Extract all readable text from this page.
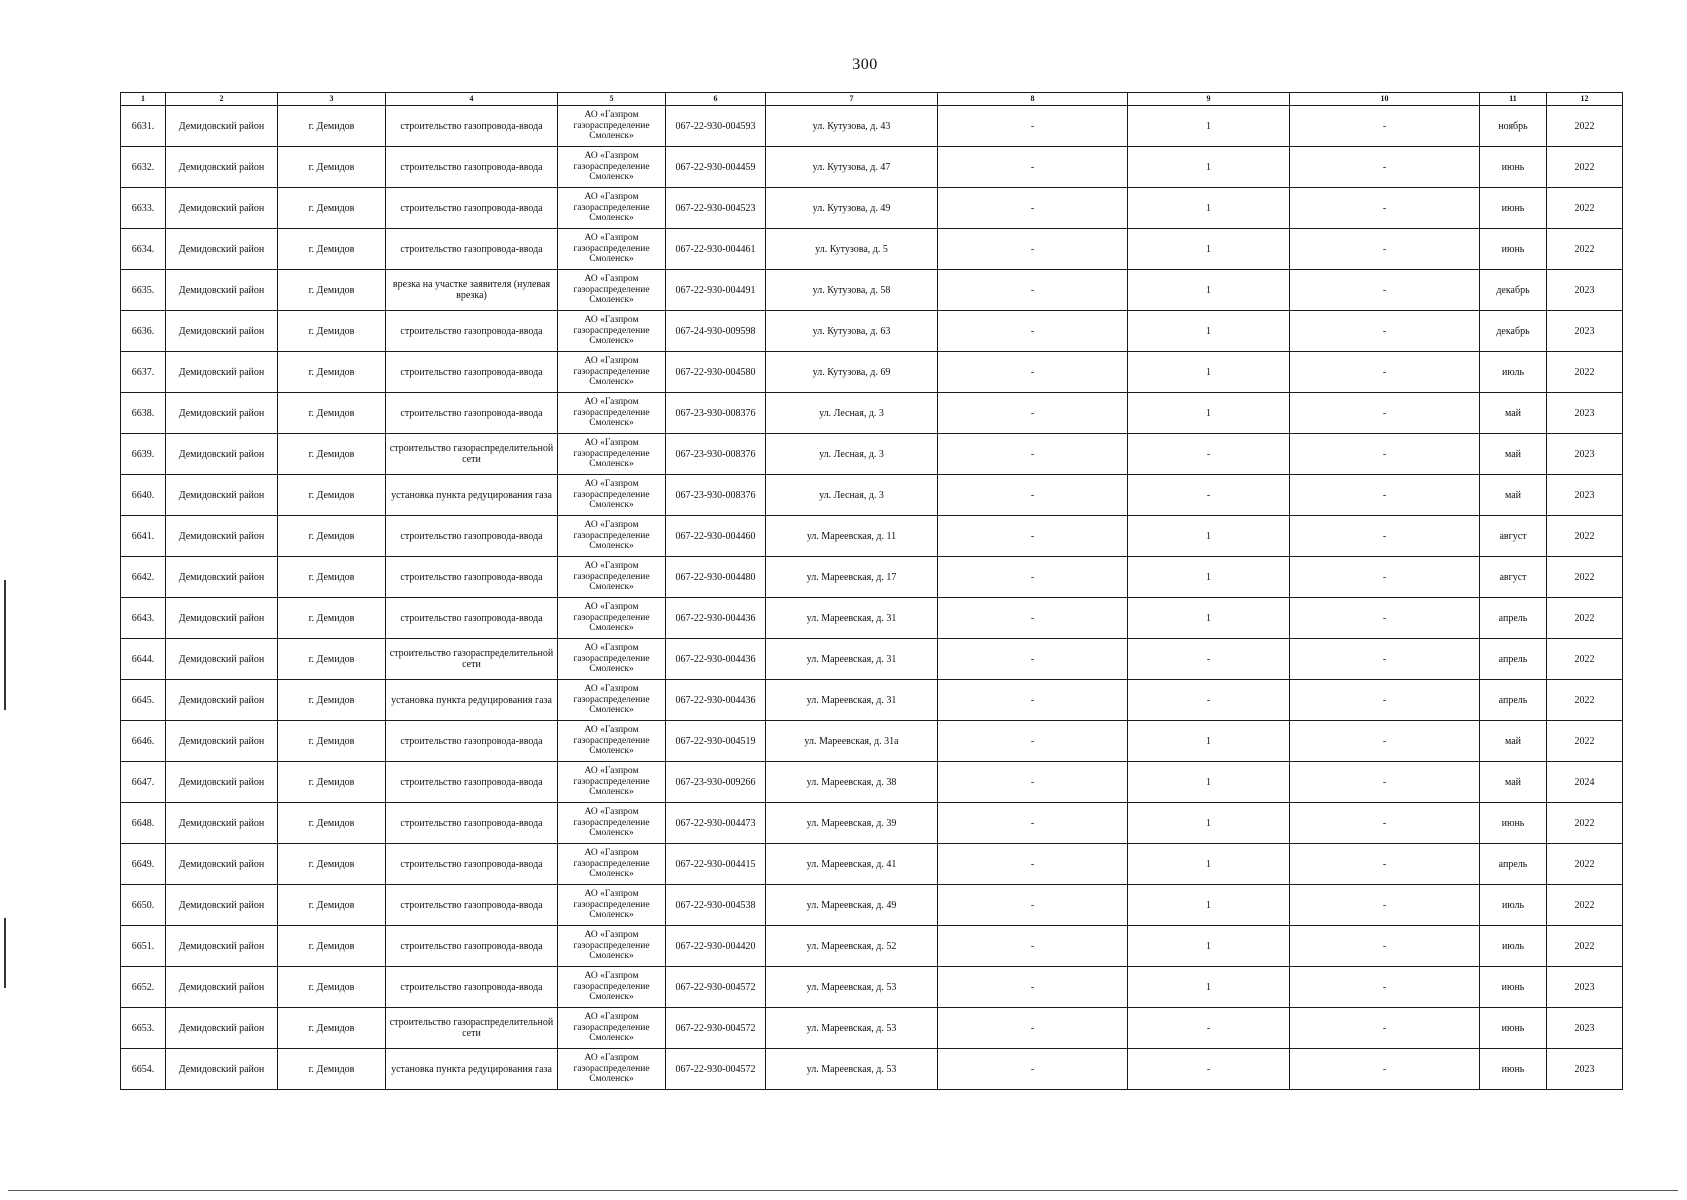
300
1	2	3	4	5	6	7	8	9	10	11	12
6631.	Демидовский район	г. Демидов	строительство газопровода-ввода	АО «Газпром газораспределение Смоленск»	067-22-930-004593	ул. Кутузова, д. 43	-	1	-	ноябрь	2022
6632.	Демидовский район	г. Демидов	строительство газопровода-ввода	АО «Газпром газораспределение Смоленск»	067-22-930-004459	ул. Кутузова, д. 47	-	1	-	июнь	2022
6633.	Демидовский район	г. Демидов	строительство газопровода-ввода	АО «Газпром газораспределение Смоленск»	067-22-930-004523	ул. Кутузова, д. 49	-	1	-	июнь	2022
6634.	Демидовский район	г. Демидов	строительство газопровода-ввода	АО «Газпром газораспределение Смоленск»	067-22-930-004461	ул. Кутузова, д. 5	-	1	-	июнь	2022
6635.	Демидовский район	г. Демидов	врезка на участке заявителя (нулевая врезка)	АО «Газпром газораспределение Смоленск»	067-22-930-004491	ул. Кутузова, д. 58	-	1	-	декабрь	2023
6636.	Демидовский район	г. Демидов	строительство газопровода-ввода	АО «Газпром газораспределение Смоленск»	067-24-930-009598	ул. Кутузова, д. 63	-	1	-	декабрь	2023
6637.	Демидовский район	г. Демидов	строительство газопровода-ввода	АО «Газпром газораспределение Смоленск»	067-22-930-004580	ул. Кутузова, д. 69	-	1	-	июль	2022
6638.	Демидовский район	г. Демидов	строительство газопровода-ввода	АО «Газпром газораспределение Смоленск»	067-23-930-008376	ул. Лесная, д. 3	-	1	-	май	2023
6639.	Демидовский район	г. Демидов	строительство газораспределительной сети	АО «Газпром газораспределение Смоленск»	067-23-930-008376	ул. Лесная, д. 3	-	-	-	май	2023
6640.	Демидовский район	г. Демидов	установка пункта редуцирования газа	АО «Газпром газораспределение Смоленск»	067-23-930-008376	ул. Лесная, д. 3	-	-	-	май	2023
6641.	Демидовский район	г. Демидов	строительство газопровода-ввода	АО «Газпром газораспределение Смоленск»	067-22-930-004460	ул. Мареевская, д. 11	-	1	-	август	2022
6642.	Демидовский район	г. Демидов	строительство газопровода-ввода	АО «Газпром газораспределение Смоленск»	067-22-930-004480	ул. Мареевская, д. 17	-	1	-	август	2022
6643.	Демидовский район	г. Демидов	строительство газопровода-ввода	АО «Газпром газораспределение Смоленск»	067-22-930-004436	ул. Мареевская, д. 31	-	1	-	апрель	2022
6644.	Демидовский район	г. Демидов	строительство газораспределительной сети	АО «Газпром газораспределение Смоленск»	067-22-930-004436	ул. Мареевская, д. 31	-	-	-	апрель	2022
6645.	Демидовский район	г. Демидов	установка пункта редуцирования газа	АО «Газпром газораспределение Смоленск»	067-22-930-004436	ул. Мареевская, д. 31	-	-	-	апрель	2022
6646.	Демидовский район	г. Демидов	строительство газопровода-ввода	АО «Газпром газораспределение Смоленск»	067-22-930-004519	ул. Мареевская, д. 31а	-	1	-	май	2022
6647.	Демидовский район	г. Демидов	строительство газопровода-ввода	АО «Газпром газораспределение Смоленск»	067-23-930-009266	ул. Мареевская, д. 38	-	1	-	май	2024
6648.	Демидовский район	г. Демидов	строительство газопровода-ввода	АО «Газпром газораспределение Смоленск»	067-22-930-004473	ул. Мареевская, д. 39	-	1	-	июнь	2022
6649.	Демидовский район	г. Демидов	строительство газопровода-ввода	АО «Газпром газораспределение Смоленск»	067-22-930-004415	ул. Мареевская, д. 41	-	1	-	апрель	2022
6650.	Демидовский район	г. Демидов	строительство газопровода-ввода	АО «Газпром газораспределение Смоленск»	067-22-930-004538	ул. Мареевская, д. 49	-	1	-	июль	2022
6651.	Демидовский район	г. Демидов	строительство газопровода-ввода	АО «Газпром газораспределение Смоленск»	067-22-930-004420	ул. Мареевская, д. 52	-	1	-	июль	2022
6652.	Демидовский район	г. Демидов	строительство газопровода-ввода	АО «Газпром газораспределение Смоленск»	067-22-930-004572	ул. Мареевская, д. 53	-	1	-	июнь	2023
6653.	Демидовский район	г. Демидов	строительство газораспределительной сети	АО «Газпром газораспределение Смоленск»	067-22-930-004572	ул. Мареевская, д. 53	-	-	-	июнь	2023
6654.	Демидовский район	г. Демидов	установка пункта редуцирования газа	АО «Газпром газораспределение Смоленск»	067-22-930-004572	ул. Мареевская, д. 53	-	-	-	июнь	2023
